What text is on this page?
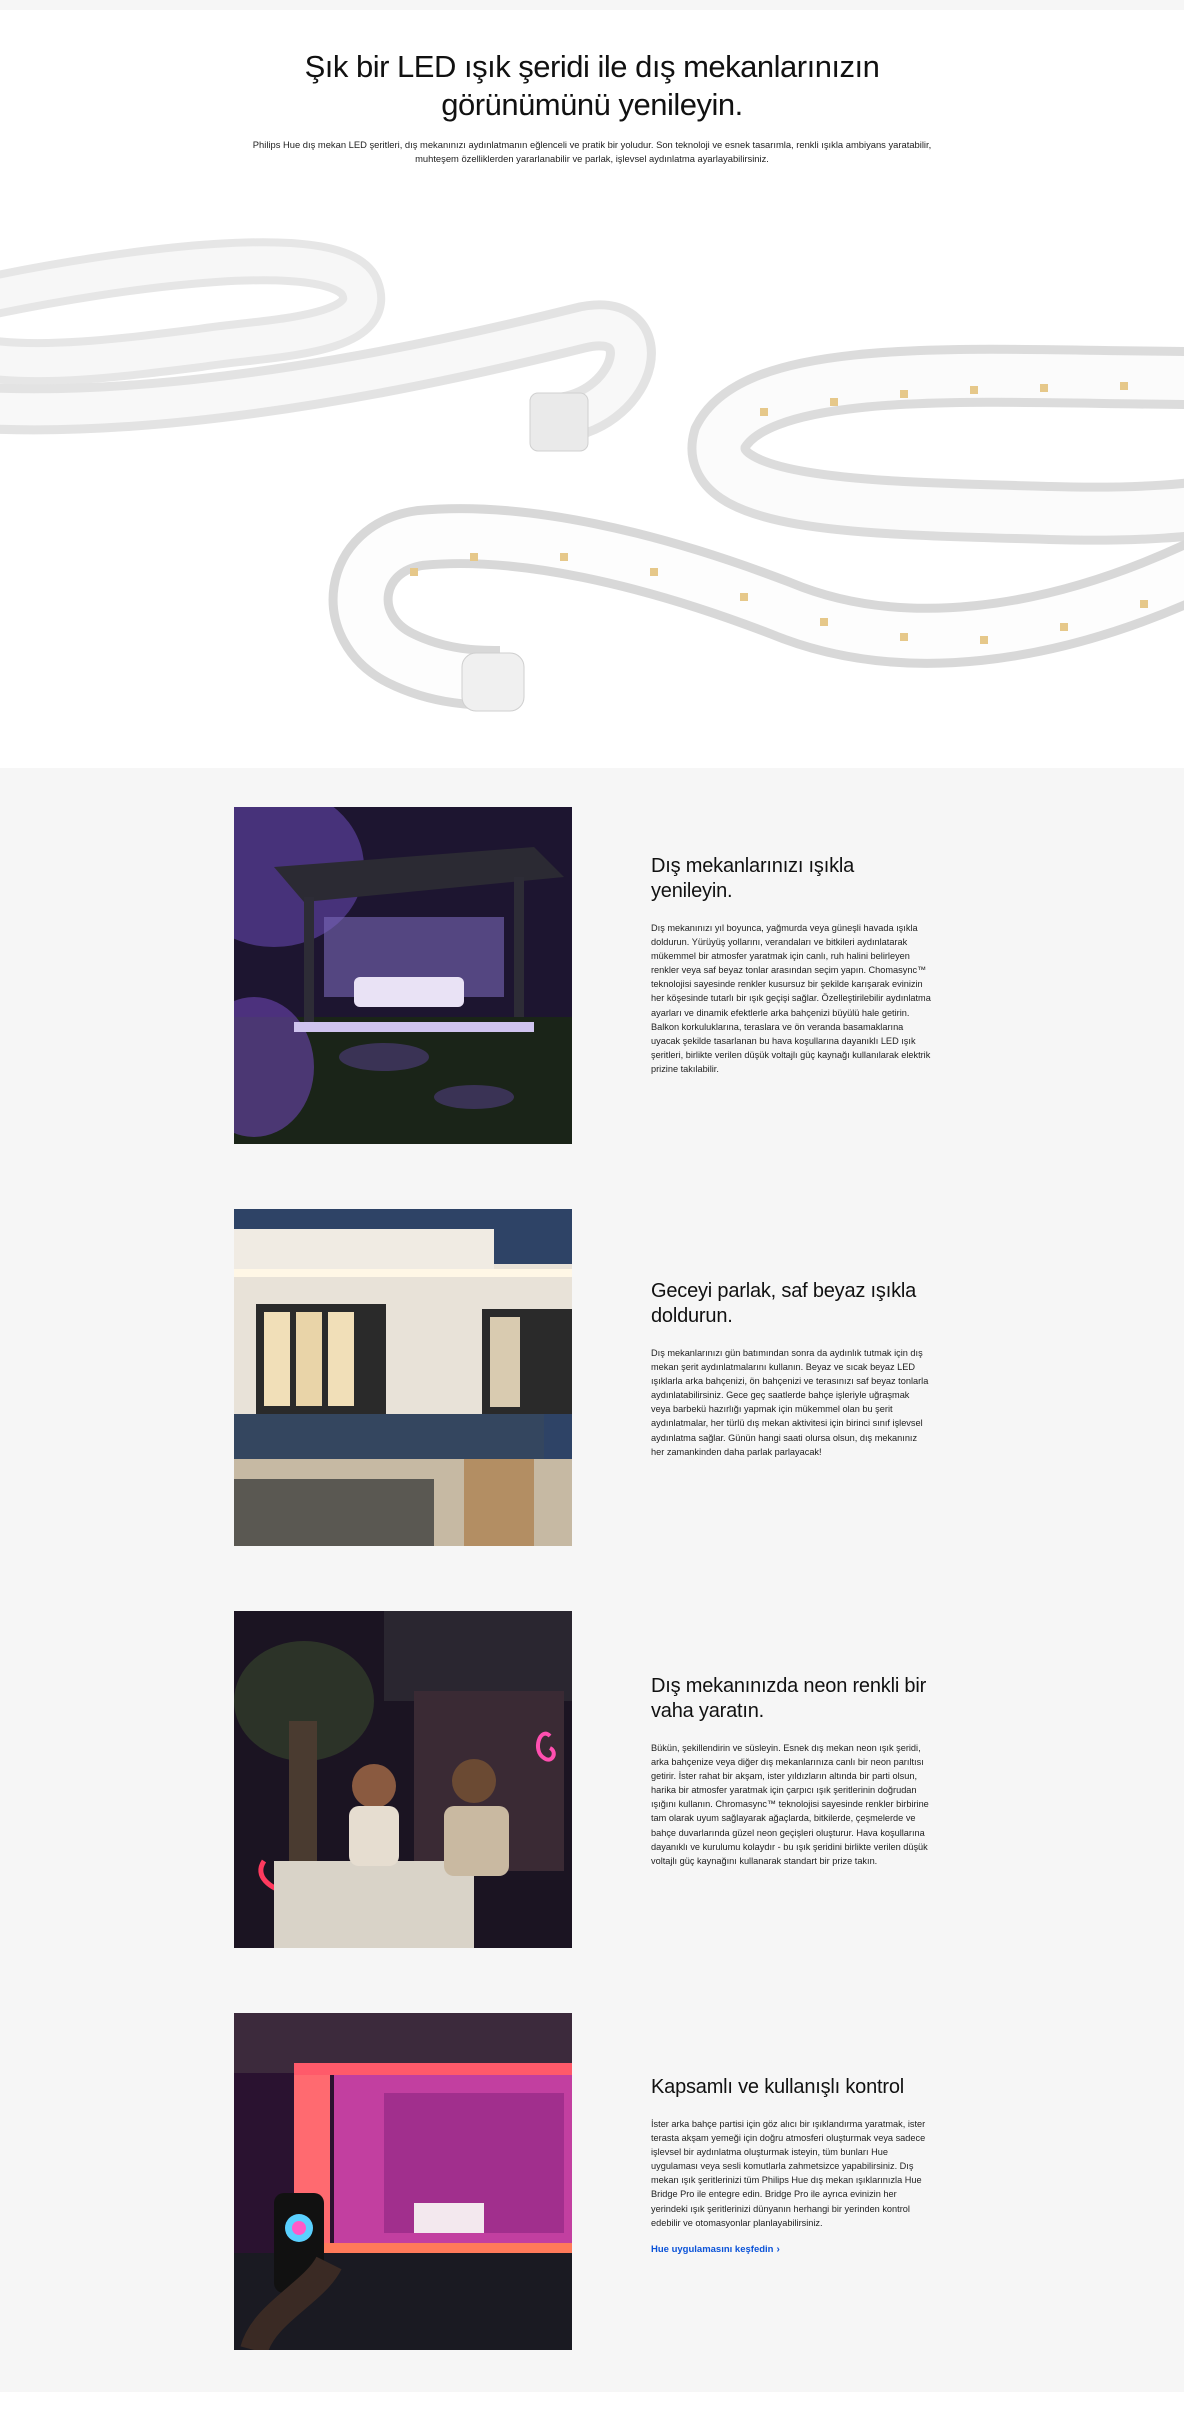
Şık bir LED ışık şeridi ile dış mekanlarınızın görünümünü yenileyin.

Philips Hue dış mekan LED şeritleri, dış mekanınızı aydınlatmanın eğlenceli ve pratik bir yoludur. Son teknoloji ve esnek tasarımla, renkli ışıkla ambiyans yaratabilir, muhteşem özelliklerden yararlanabilir ve parlak, işlevsel aydınlatma ayarlayabilirsiniz.

Dış mekanlarınızı ışıkla yenileyin.

Dış mekanınızı yıl boyunca, yağmurda veya güneşli havada ışıkla doldurun. Yürüyüş yollarını, verandaları ve bitkileri aydınlatarak mükemmel bir atmosfer yaratmak için canlı, ruh halini belirleyen renkler veya saf beyaz tonlar arasından seçim yapın. Chomasync™ teknolojisi sayesinde renkler kusursuz bir şekilde karışarak evinizin her köşesinde tutarlı bir ışık geçişi sağlar. Özelleştirilebilir aydınlatma ayarları ve dinamik efektlerle arka bahçenizi büyülü hale getirin. Balkon korkuluklarına, teraslara ve ön veranda basamaklarına uyacak şekilde tasarlanan bu hava koşullarına dayanıklı LED ışık şeritleri, birlikte verilen düşük voltajlı güç kaynağı kullanılarak elektrik prizine takılabilir.

Geceyi parlak, saf beyaz ışıkla doldurun.

Dış mekanlarınızı gün batımından sonra da aydınlık tutmak için dış mekan şerit aydınlatmalarını kullanın. Beyaz ve sıcak beyaz LED ışıklarla arka bahçenizi, ön bahçenizi ve terasınızı saf beyaz tonlarla aydınlatabilirsiniz. Gece geç saatlerde bahçe işleriyle uğraşmak veya barbekü hazırlığı yapmak için mükemmel olan bu şerit aydınlatmalar, her türlü dış mekan aktivitesi için birinci sınıf işlevsel aydınlatma sağlar. Günün hangi saati olursa olsun, dış mekanınız her zamankinden daha parlak parlayacak!

Dış mekanınızda neon renkli bir vaha yaratın.

Bükün, şekillendirin ve süsleyin. Esnek dış mekan neon ışık şeridi, arka bahçenize veya diğer dış mekanlarınıza canlı bir neon parıltısı getirir. İster rahat bir akşam, ister yıldızların altında bir parti olsun, harika bir atmosfer yaratmak için çarpıcı ışık şeritlerinin doğrudan ışığını kullanın. Chromasync™ teknolojisi sayesinde renkler birbirine tam olarak uyum sağlayarak ağaçlarda, bitkilerde, çeşmelerde ve bahçe duvarlarında güzel neon geçişleri oluşturur. Hava koşullarına dayanıklı ve kurulumu kolaydır - bu ışık şeridini birlikte verilen düşük voltajlı güç kaynağını kullanarak standart bir prize takın.

Kapsamlı ve kullanışlı kontrol

İster arka bahçe partisi için göz alıcı bir ışıklandırma yaratmak, ister terasta akşam yemeği için doğru atmosferi oluşturmak veya sadece işlevsel bir aydınlatma oluşturmak isteyin, tüm bunları Hue uygulaması veya sesli komutlarla zahmetsizce yapabilirsiniz. Dış mekan ışık şeritlerinizi tüm Philips Hue dış mekan ışıklarınızla Hue Bridge Pro ile entegre edin. Bridge Pro ile ayrıca evinizin her yerindeki ışık şeritlerinizi dünyanın herhangi bir yerinden kontrol edebilir ve otomasyonlar planlayabilirsiniz.

Hue uygulamasını keşfedin ›
